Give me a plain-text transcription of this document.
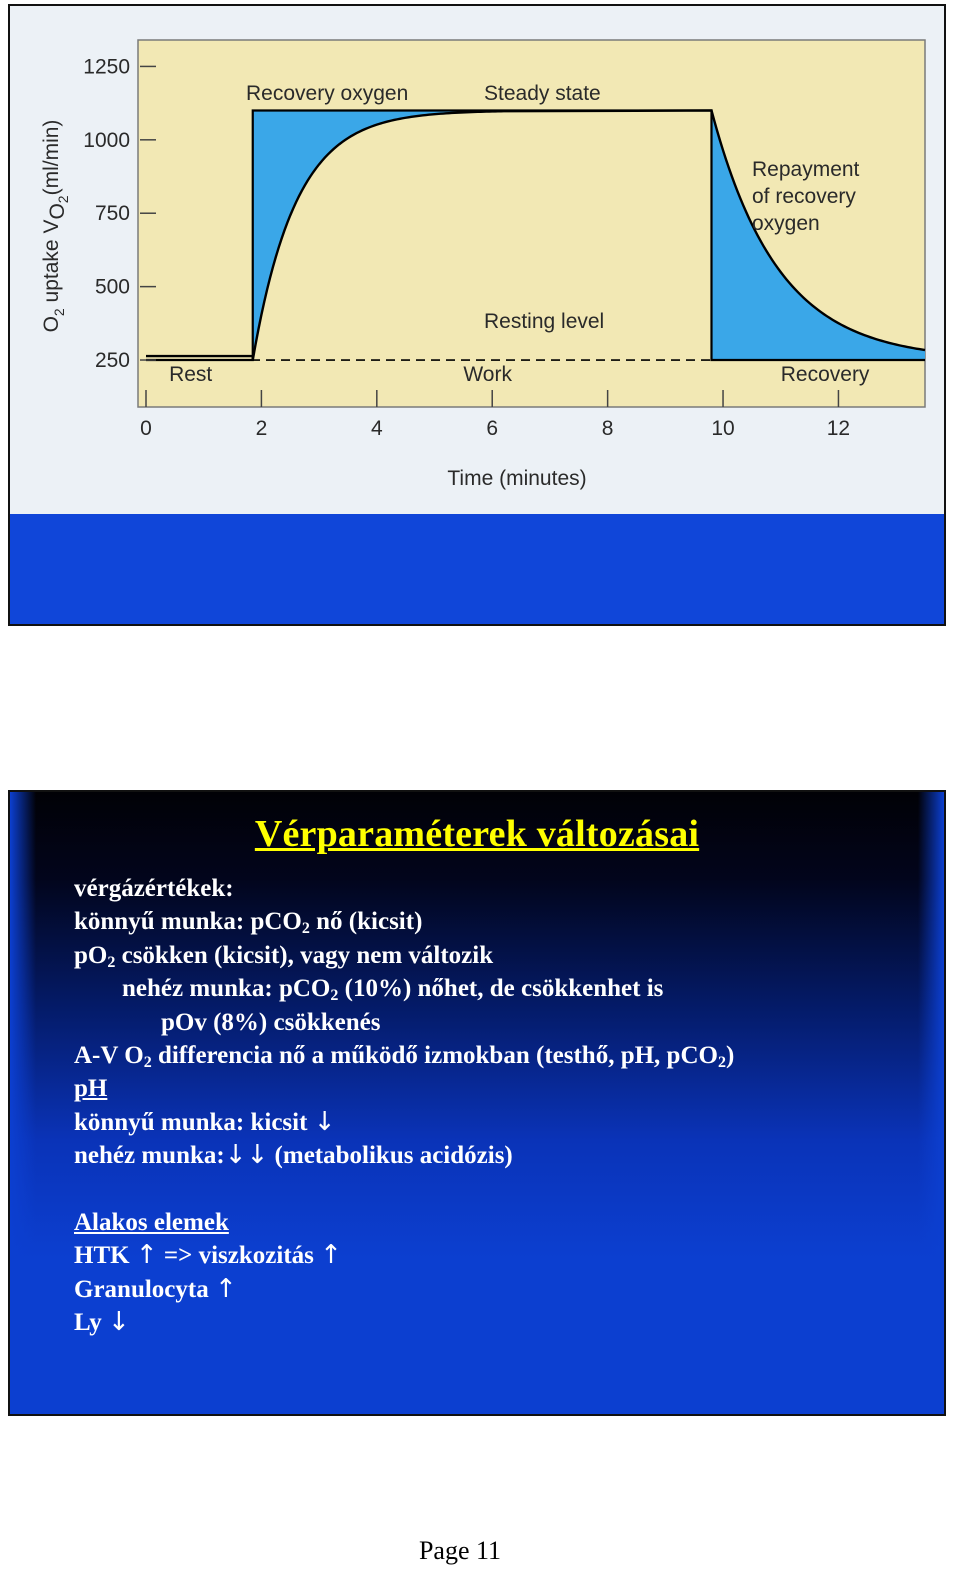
Time (minutes)
$O_2$ uptake VO2(ml/min)
Recovery oxygen	Steady state
Resting level
Repayment
of recovery
oxygen
250
500
750
1000
1250
0	2	4	6	8	10	12
Rest	Work	Recovery
Vérparaméterek változásai
vérgázértékek:
könnyű munka: pCO$_2$ nő (kicsit)
$pO_2$ csökken (kicsit), vagy nem változik
nehéz munka: pCO$_2$ (10%) nőhet, de csökkenhet is
pOv (8%) csökkenés
A-V $O_2$ differencia nő a működő izmokban (testhő, pH, pCO$_2$)
pH
könnyű munka: kicsit ↓
nehéz munka:↓↓ (metabolikus acidózis)
Alakos elemek
HTK ↑ => viszkozitás ↑
Granulocyta ↑
Ly ↓
Page 11
